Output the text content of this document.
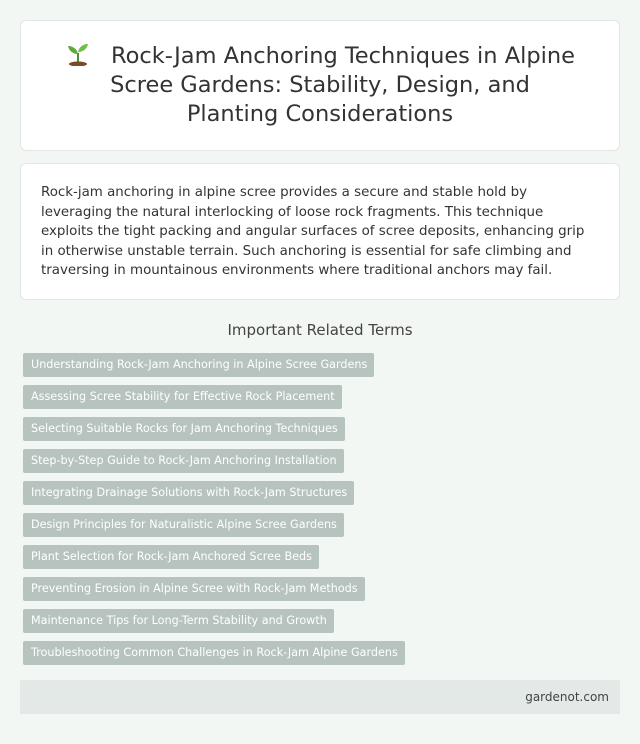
Rock-Jam Anchoring Techniques in Alpine Scree Gardens: Stability, Design, and Planting Considerations

Rock-jam anchoring in alpine scree provides a secure and stable hold by leveraging the natural interlocking of loose rock fragments. This technique exploits the tight packing and angular surfaces of scree deposits, enhancing grip in otherwise unstable terrain. Such anchoring is essential for safe climbing and traversing in mountainous environments where traditional anchors may fail.

Important Related Terms
Understanding Rock-Jam Anchoring in Alpine Scree Gardens
Assessing Scree Stability for Effective Rock Placement
Selecting Suitable Rocks for Jam Anchoring Techniques
Step-by-Step Guide to Rock-Jam Anchoring Installation
Integrating Drainage Solutions with Rock-Jam Structures
Design Principles for Naturalistic Alpine Scree Gardens
Plant Selection for Rock-Jam Anchored Scree Beds
Preventing Erosion in Alpine Scree with Rock-Jam Methods
Maintenance Tips for Long-Term Stability and Growth
Troubleshooting Common Challenges in Rock-Jam Alpine Gardens
gardenot.com
